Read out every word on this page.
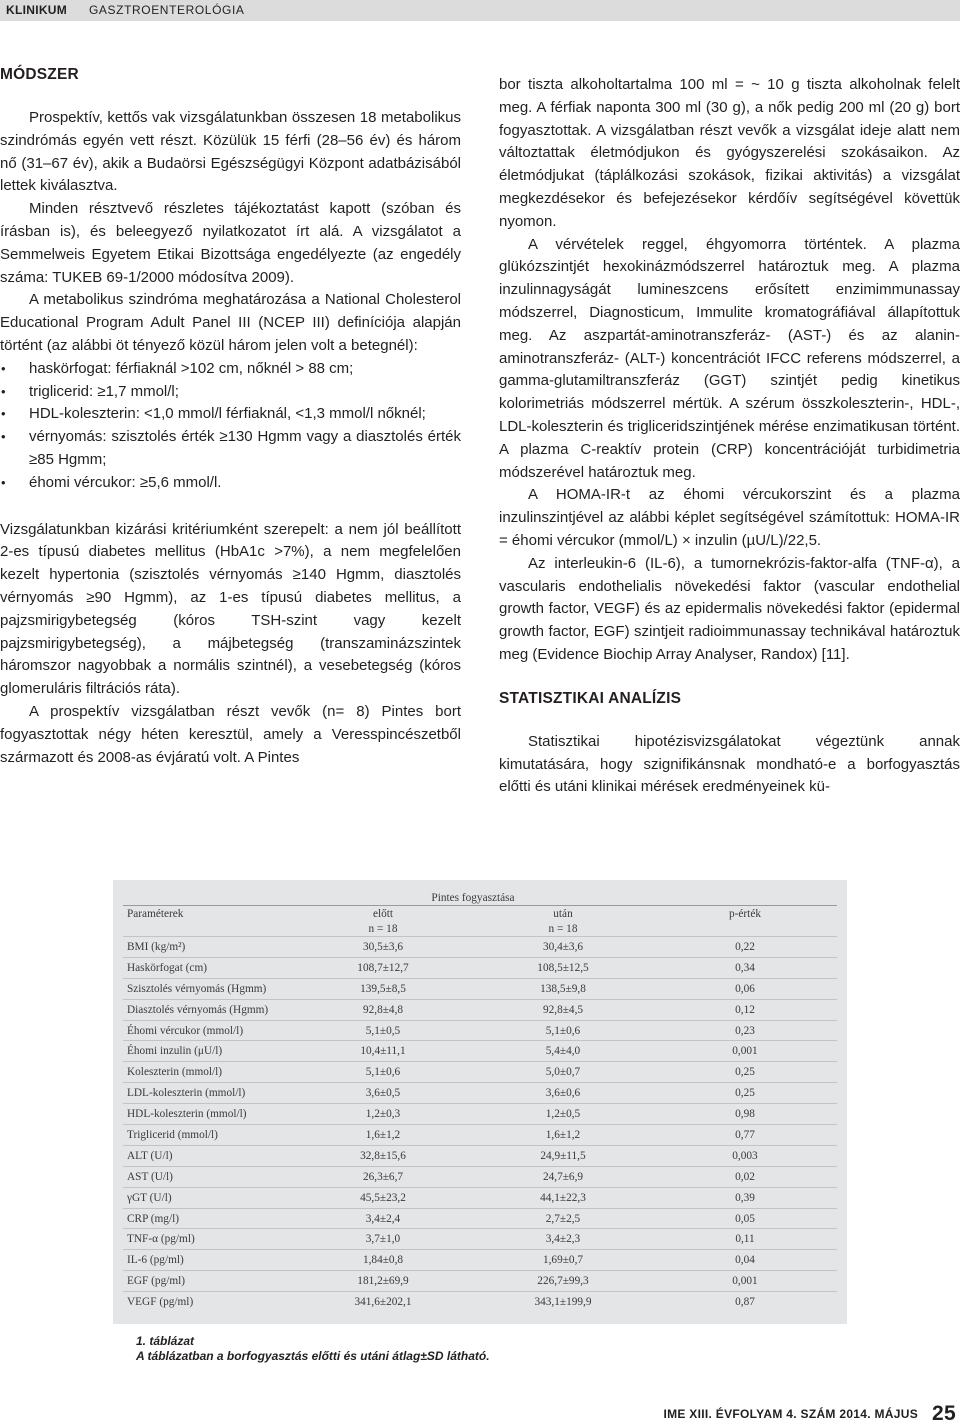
KLINIKUM GASZTROENTEROLÓGIA
MÓDSZER

Prospektív, kettős vak vizsgálatunkban összesen 18 metabolikus szindrómás egyén vett részt. Közülük 15 férfi (28–56 év) és három nő (31–67 év), akik a Budaörsi Egészségügyi Központ adatbázisából lettek kiválasztva.

Minden résztvevő részletes tájékoztatást kapott (szóban és írásban is), és beleegyező nyilatkozatot írt alá. A vizsgálatot a Semmelweis Egyetem Etikai Bizottsága engedélyezte (az engedély száma: TUKEB 69-1/2000 módosítva 2009).

A metabolikus szindróma meghatározása a National Cholesterol Educational Program Adult Panel III (NCEP III) definíciója alapján történt (az alábbi öt tényező közül három jelen volt a betegnél):

• haskörfogat: férfiaknál >102 cm, nőknél > 88 cm;
• triglicerid: ≥1,7 mmol/l;
• HDL-koleszterin: <1,0 mmol/l férfiaknál, <1,3 mmol/l nőknél;
• vérnyomás: szisztolés érték ≥130 Hgmm vagy a diasztolés érték ≥85 Hgmm;
• éhomi vércukor: ≥5,6 mmol/l.

Vizsgálatunkban kizárási kritériumként szerepelt: a nem jól beállított 2-es típusú diabetes mellitus (HbA1c >7%), a nem megfelelően kezelt hypertonia (szisztolés vérnyomás ≥140 Hgmm, diasztolés vérnyomás ≥90 Hgmm), az 1-es típusú diabetes mellitus, a pajzsmirigybetegség (kóros TSH-szint vagy kezelt pajzsmirigybetegség), a májbetegség (transzaminázszintek háromszor nagyobbak a normális szintnél), a vesebetegség (kóros glomeruláris filtrációs ráta).

A prospektív vizsgálatban részt vevők (n= 8) Pintes bort fogyasztottak négy héten keresztül, amely a Veresspincészetből származott és 2008-as évjáratú volt. A Pintes

bor tiszta alkoholtartalma 100 ml = ~ 10 g tiszta alkoholnak felelt meg. A férfiak naponta 300 ml (30 g), a nők pedig 200 ml (20 g) bort fogyasztottak. A vizsgálatban részt vevők a vizsgálat ideje alatt nem változtattak életmódjukon és gyógyszerelési szokásaikon. Az életmódjukat (táplálkozási szokások, fizikai aktivitás) a vizsgálat megkezdésekor és befejezésekor kérdőív segítségével követtük nyomon.

A vérvételek reggel, éhgyomorra történtek. A plazma glükózszintjét hexokinázmódszerrel határoztuk meg. A plazma inzulinnagyságát lumineszcens erősített enzimimmunassay módszerrel, Diagnosticum, Immulite kromatográfiával állapítottuk meg. Az aszpartát-aminotranszferáz- (AST-) és az alanin-aminotranszferáz- (ALT-) koncentrációt IFCC referens módszerrel, a gamma-glutamiltranszferáz (GGT) szintjét pedig kinetikus kolorimetriás módszerrel mértük. A szérum összkoleszterin-, HDL-, LDL-koleszterin és trigliceridszintjének mérése enzimatikusan történt. A plazma C-reaktív protein (CRP) koncentrációját turbidimetria módszerével határoztuk meg.

A HOMA-IR-t az éhomi vércukorszint és a plazma inzulinszintjével az alábbi képlet segítségével számítottuk: HOMA-IR = éhomi vércukor (mmol/L) × inzulin (µU/L)/22,5.

Az interleukin-6 (IL-6), a tumornekrózis-faktor-alfa (TNF-α), a vascularis endothelialis növekedési faktor (vascular endothelial growth factor, VEGF) és az epidermalis növekedési faktor (epidermal growth factor, EGF) szintjeit radioimmunassay technikával határoztuk meg (Evidence Biochip Array Analyser, Randox) [11].

STATISZTIKAI ANALÍZIS

Statisztikai hipotézisvizsgálatokat végeztünk annak kimutatására, hogy szignifikánsnak mondható-e a borfogyasztás előtti és utáni klinikai mérések eredményeinek kü-

	Pintes fogyasztása		
Paraméterek	előtt	után	p-érték
	n = 18	n = 18	
BMI (kg/m²)	30,5±3,6	30,4±3,6	0,22
Haskörfogat (cm)	108,7±12,7	108,5±12,5	0,34
Szisztolés vérnyomás (Hgmm)	139,5±8,5	138,5±9,8	0,06
Diasztolés vérnyomás (Hgmm)	92,8±4,8	92,8±4,5	0,12
Éhomi vércukor (mmol/l)	5,1±0,5	5,1±0,6	0,23
Éhomi inzulin (μU/l)	10,4±11,1	5,4±4,0	0,001
Koleszterin (mmol/l)	5,1±0,6	5,0±0,7	0,25
LDL-koleszterin (mmol/l)	3,6±0,5	3,6±0,6	0,25
HDL-koleszterin (mmol/l)	1,2±0,3	1,2±0,5	0,98
Triglicerid (mmol/l)	1,6±1,2	1,6±1,2	0,77
ALT (U/l)	32,8±15,6	24,9±11,5	0,003
AST (U/l)	26,3±6,7	24,7±6,9	0,02
γGT (U/l)	45,5±23,2	44,1±22,3	0,39
CRP (mg/l)	3,4±2,4	2,7±2,5	0,05
TNF-α (pg/ml)	3,7±1,0	3,4±2,3	0,11
IL-6 (pg/ml)	1,84±0,8	1,69±0,7	0,04
EGF (pg/ml)	181,2±69,9	226,7±99,3	0,001
VEGF (pg/ml)	341,6±202,1	343,1±199,9	0,87
1. táblázat
A táblázatban a borfogyasztás előtti és utáni átlag±SD látható.
IME XIII. ÉVFOLYAM 4. SZÁM 2014. MÁJUS 25
